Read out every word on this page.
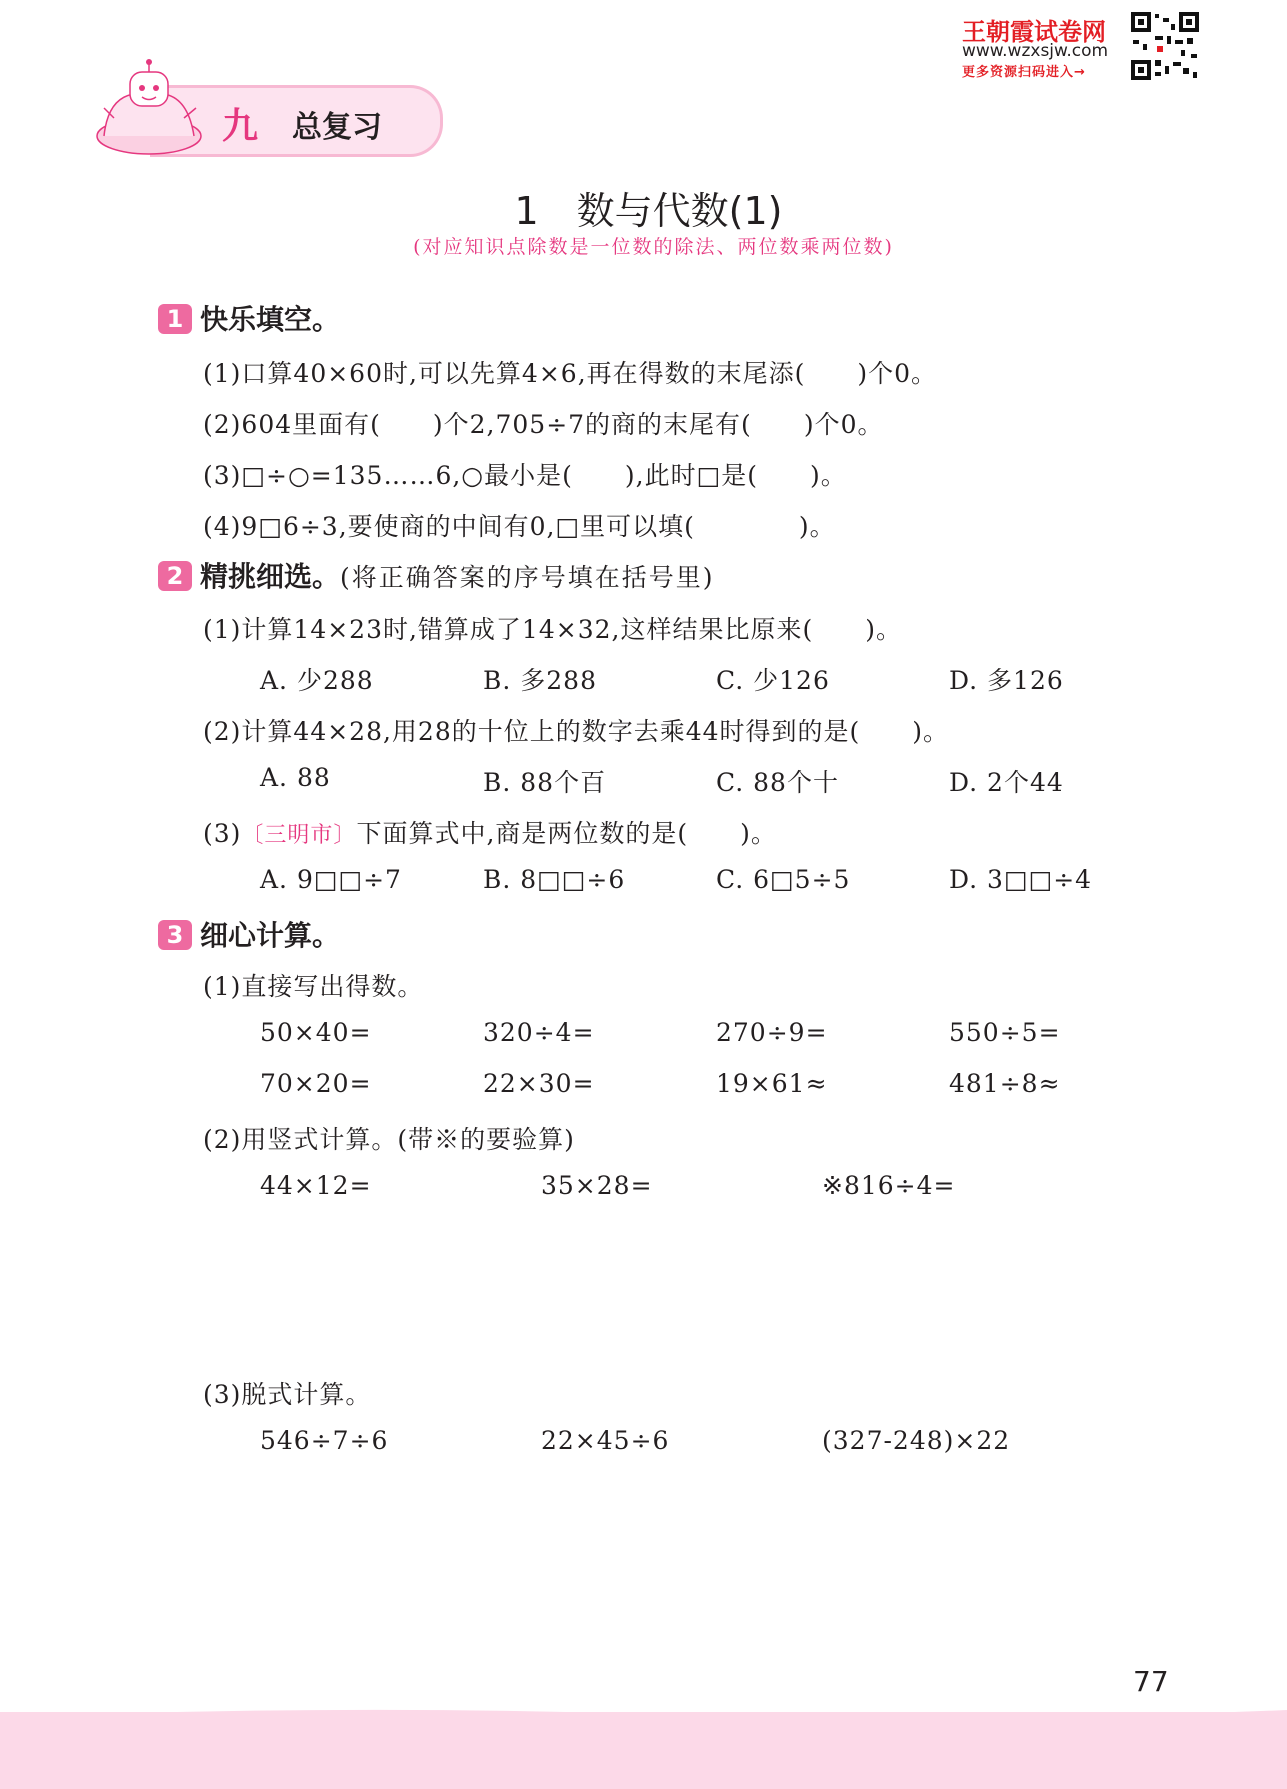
王朝霞试卷网
www.wzxsjw.com
更多资源扫码进入→
九 总复习
1　数与代数(1)
(对应知识点除数是一位数的除法、两位数乘两位数)
1 快乐填空。
(1)口算40×60时,可以先算4×6,再在得数的末尾添(　　)个0。
(2)604里面有(　　)个2,705÷7的商的末尾有(　　)个0。
(3)□÷○=135……6,○最小是(　　),此时□是(　　)。
(4)9□6÷3,要使商的中间有0,□里可以填(　　　　)。
2 精挑细选。(将正确答案的序号填在括号里)
(1)计算14×23时,错算成了14×32,这样结果比原来(　　)。
A. 少288	B. 多288	C. 少126	D. 多126
(2)计算44×28,用28的十位上的数字去乘44时得到的是(　　)。
A. 88	B. 88个百	C. 88个十	D. 2个44
(3)〔三明市〕下面算式中,商是两位数的是(　　)。
A. 9□□÷7	B. 8□□÷6	C. 6□5÷5	D. 3□□÷4
3 细心计算。
(1)直接写出得数。
50×40=	320÷4=	270÷9=	550÷5=
70×20=	22×30=	19×61≈	481÷8≈
(2)用竖式计算。(带※的要验算)
44×12=	35×28=	※816÷4=
(3)脱式计算。
546÷7÷6	22×45÷6	(327-248)×22
77
